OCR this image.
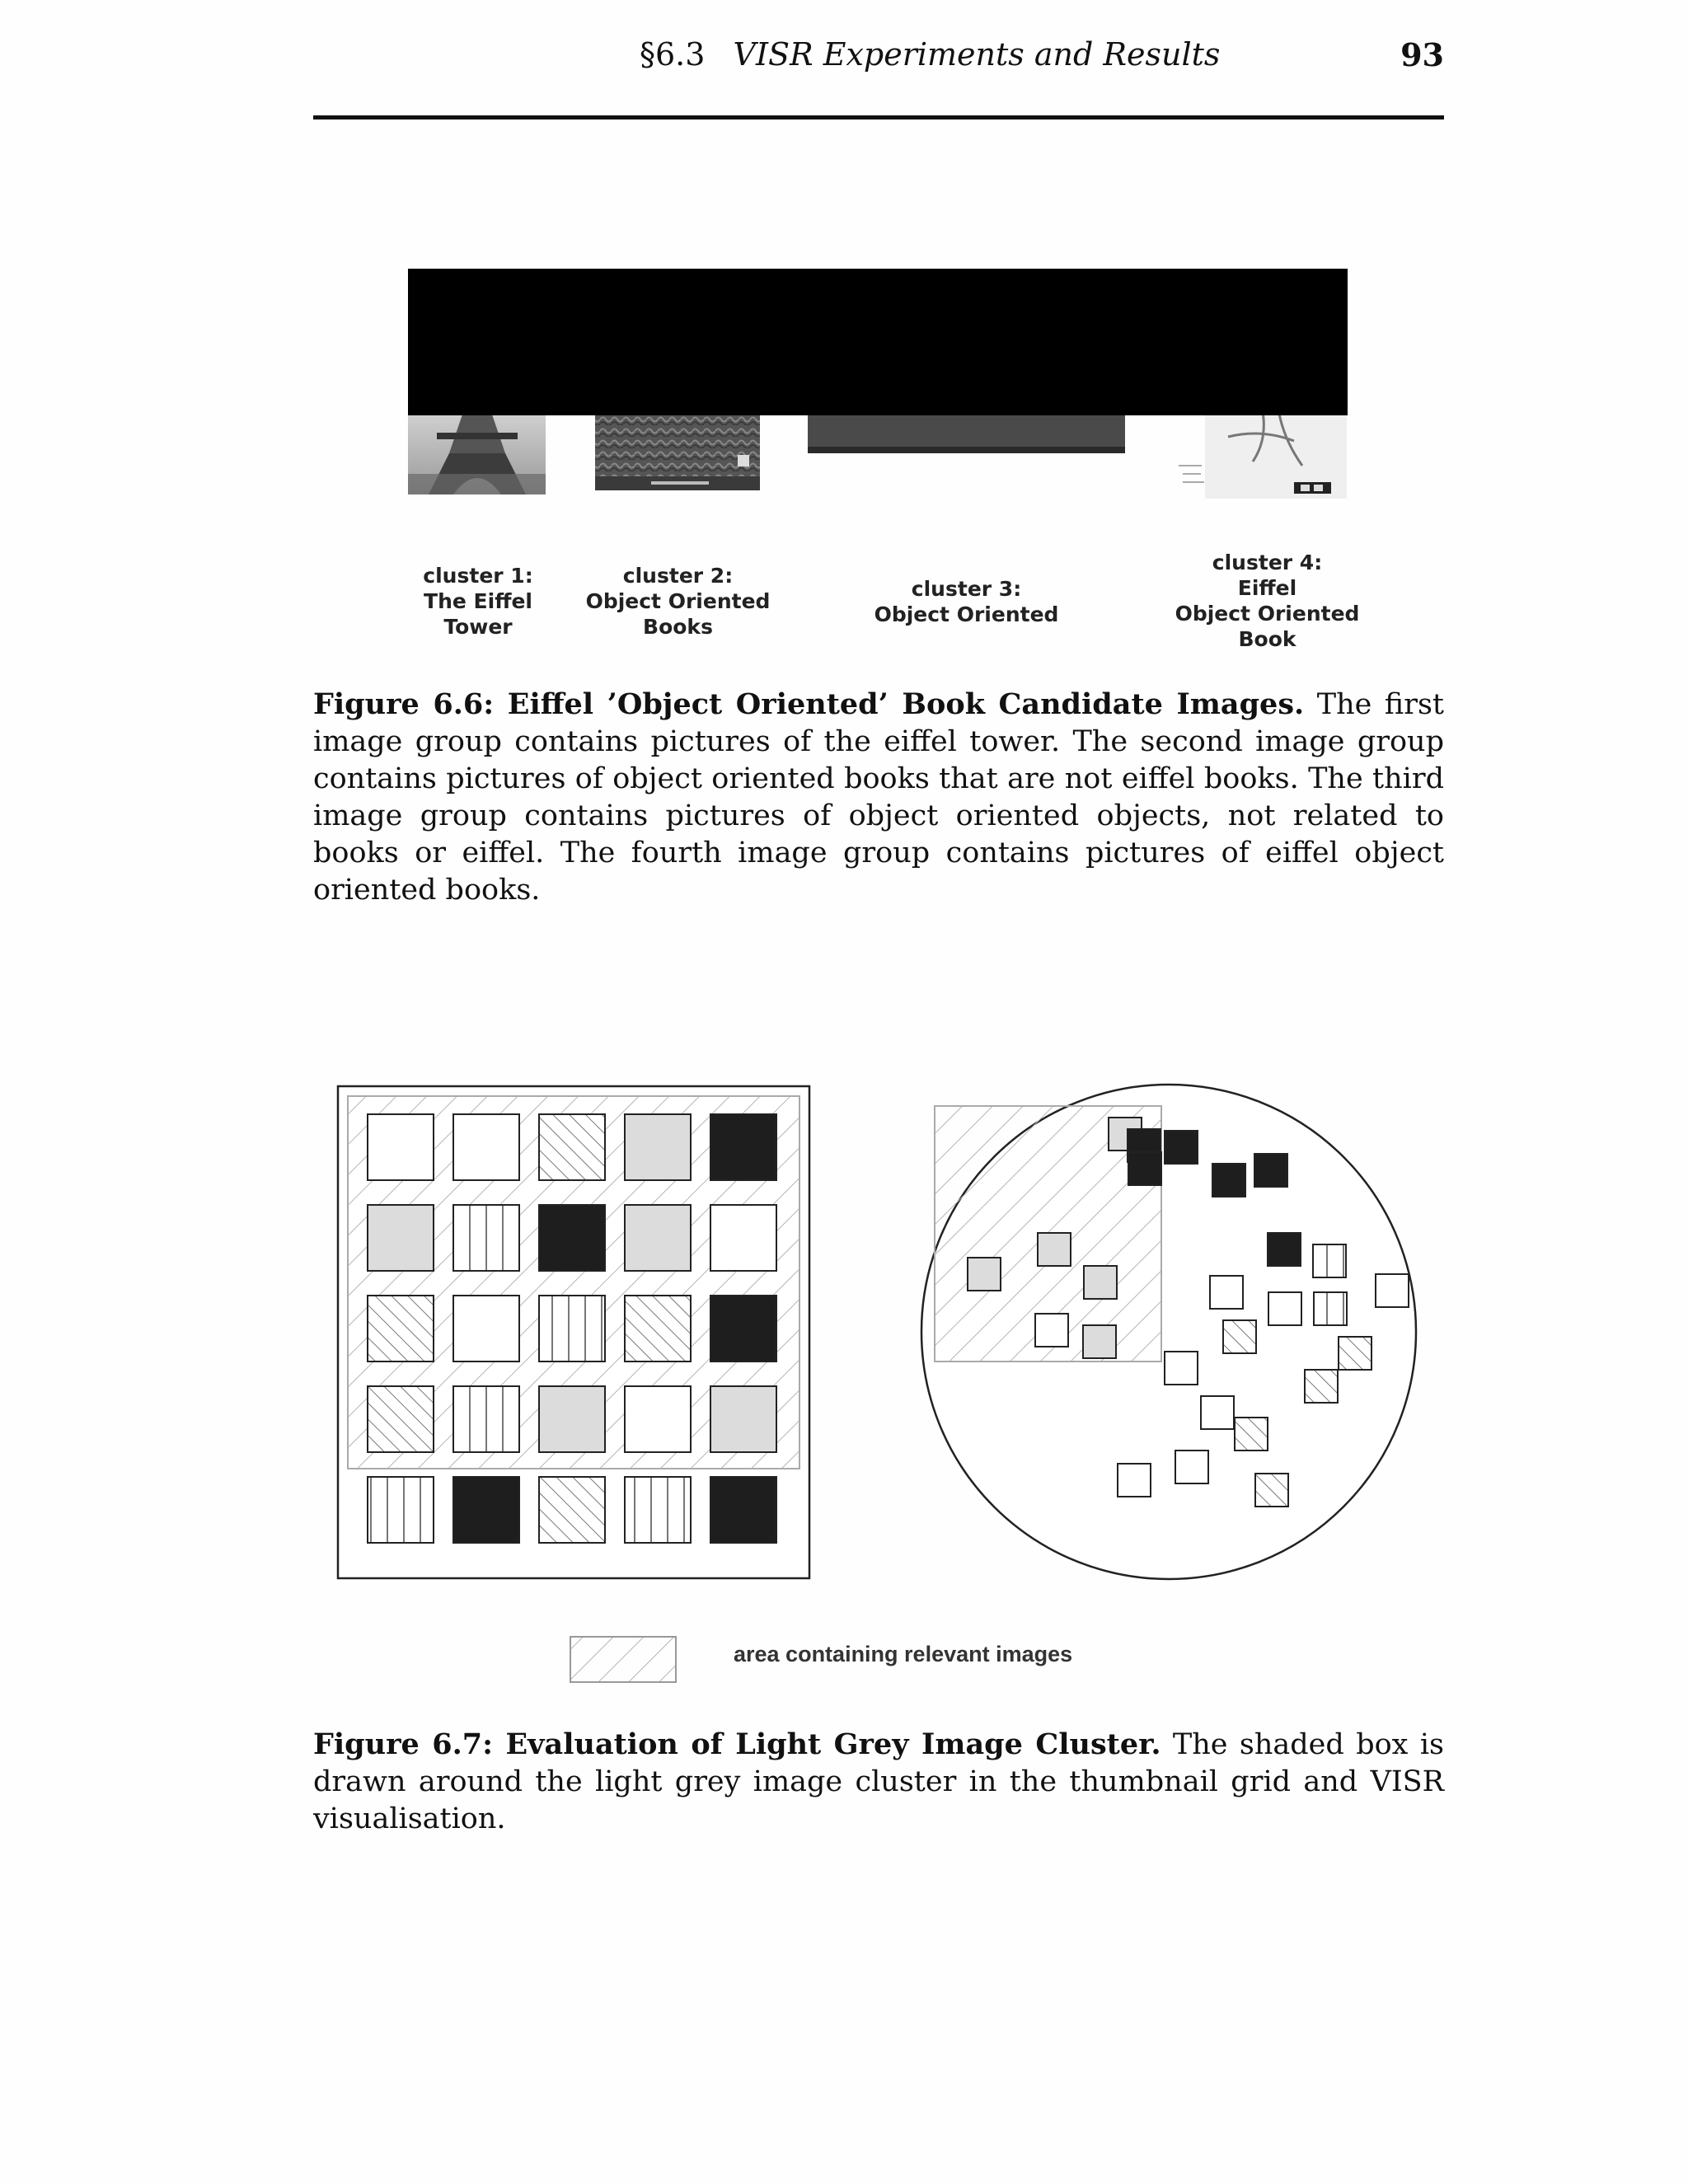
§6.3 VISR Experiments and Results	93
cluster 1:
The Eiffel
Tower
cluster 2:
Object Oriented
Books
cluster 3:
Object Oriented
cluster 4:
Eiffel
Object Oriented
Book
Figure 6.6: Eiffel ’Object Oriented’ Book Candidate Images. The first image group contains pictures of the eiffel tower. The second image group contains pictures of object oriented books that are not eiffel books. The third image group contains pictures of object oriented objects, not related to books or eiffel. The fourth image group contains pictures of eiffel object oriented books.
area containing relevant images
Figure 6.7: Evaluation of Light Grey Image Cluster. The shaded box is drawn around the light grey image cluster in the thumbnail grid and VISR visualisation.
